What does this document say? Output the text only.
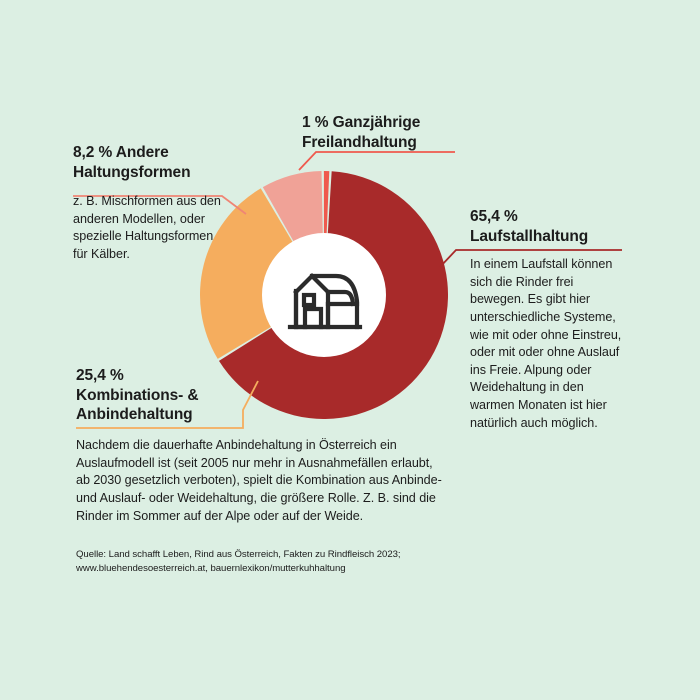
8,2 % Andere
Haltungsformen
z. B. Mischformen aus den anderen Modellen, oder spezielle Haltungsformen für Kälber.
1 % Ganzjährige
Freilandhaltung
65,4 %
Laufstallhaltung
In einem Laufstall können sich die Rinder frei bewegen. Es gibt hier unterschiedliche Systeme, wie mit oder ohne Einstreu, oder mit oder ohne Auslauf ins Freie. Alpung oder Weidehaltung in den warmen Monaten ist hier natürlich auch möglich.
25,4 %
Kombinations- &
Anbindehaltung
Nachdem die dauerhafte Anbindehaltung in Österreich ein Auslaufmodell ist (seit 2005 nur mehr in Ausnahmefällen erlaubt, ab 2030 gesetzlich verboten), spielt die Kombination aus Anbinde- und Auslauf- oder Weidehaltung, die größere Rolle. Z. B. sind die Rinder im Sommer auf der Alpe oder auf der Weide.
Quelle: Land schafft Leben, Rind aus Österreich, Fakten zu Rindfleisch 2023;
www.bluehendesoesterreich.at, bauernlexikon/mutterkuhhaltung
